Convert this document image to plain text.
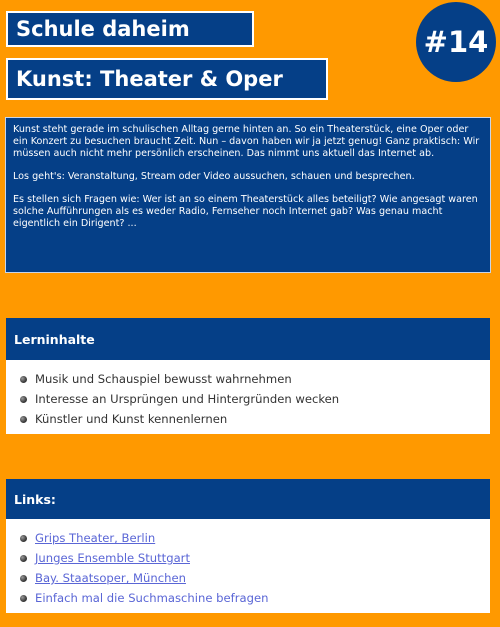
Schule daheim
Kunst: Theater & Oper
#14

Kunst steht gerade im schulischen Alltag gerne hinten an. So ein Theaterstück, eine Oper oder ein Konzert zu besuchen braucht Zeit. Nun – davon haben wir ja jetzt genug! Ganz praktisch: Wir müssen auch nicht mehr persönlich erscheinen. Das nimmt uns aktuell das Internet ab.

Los geht's: Veranstaltung, Stream oder Video aussuchen, schauen und besprechen.

Es stellen sich Fragen wie: Wer ist an so einem Theaterstück alles beteiligt? Wie angesagt waren solche Aufführungen als es weder Radio, Fernseher noch Internet gab? Was genau macht eigentlich ein Dirigent? ...

Lerninhalte
Musik und Schauspiel bewusst wahrnehmen
Interesse an Ursprüngen und Hintergründen wecken
Künstler und Kunst kennenlernen
Links:
Grips Theater, Berlin
Junges Ensemble Stuttgart
Bay. Staatsoper, München
Einfach mal die Suchmaschine befragen
